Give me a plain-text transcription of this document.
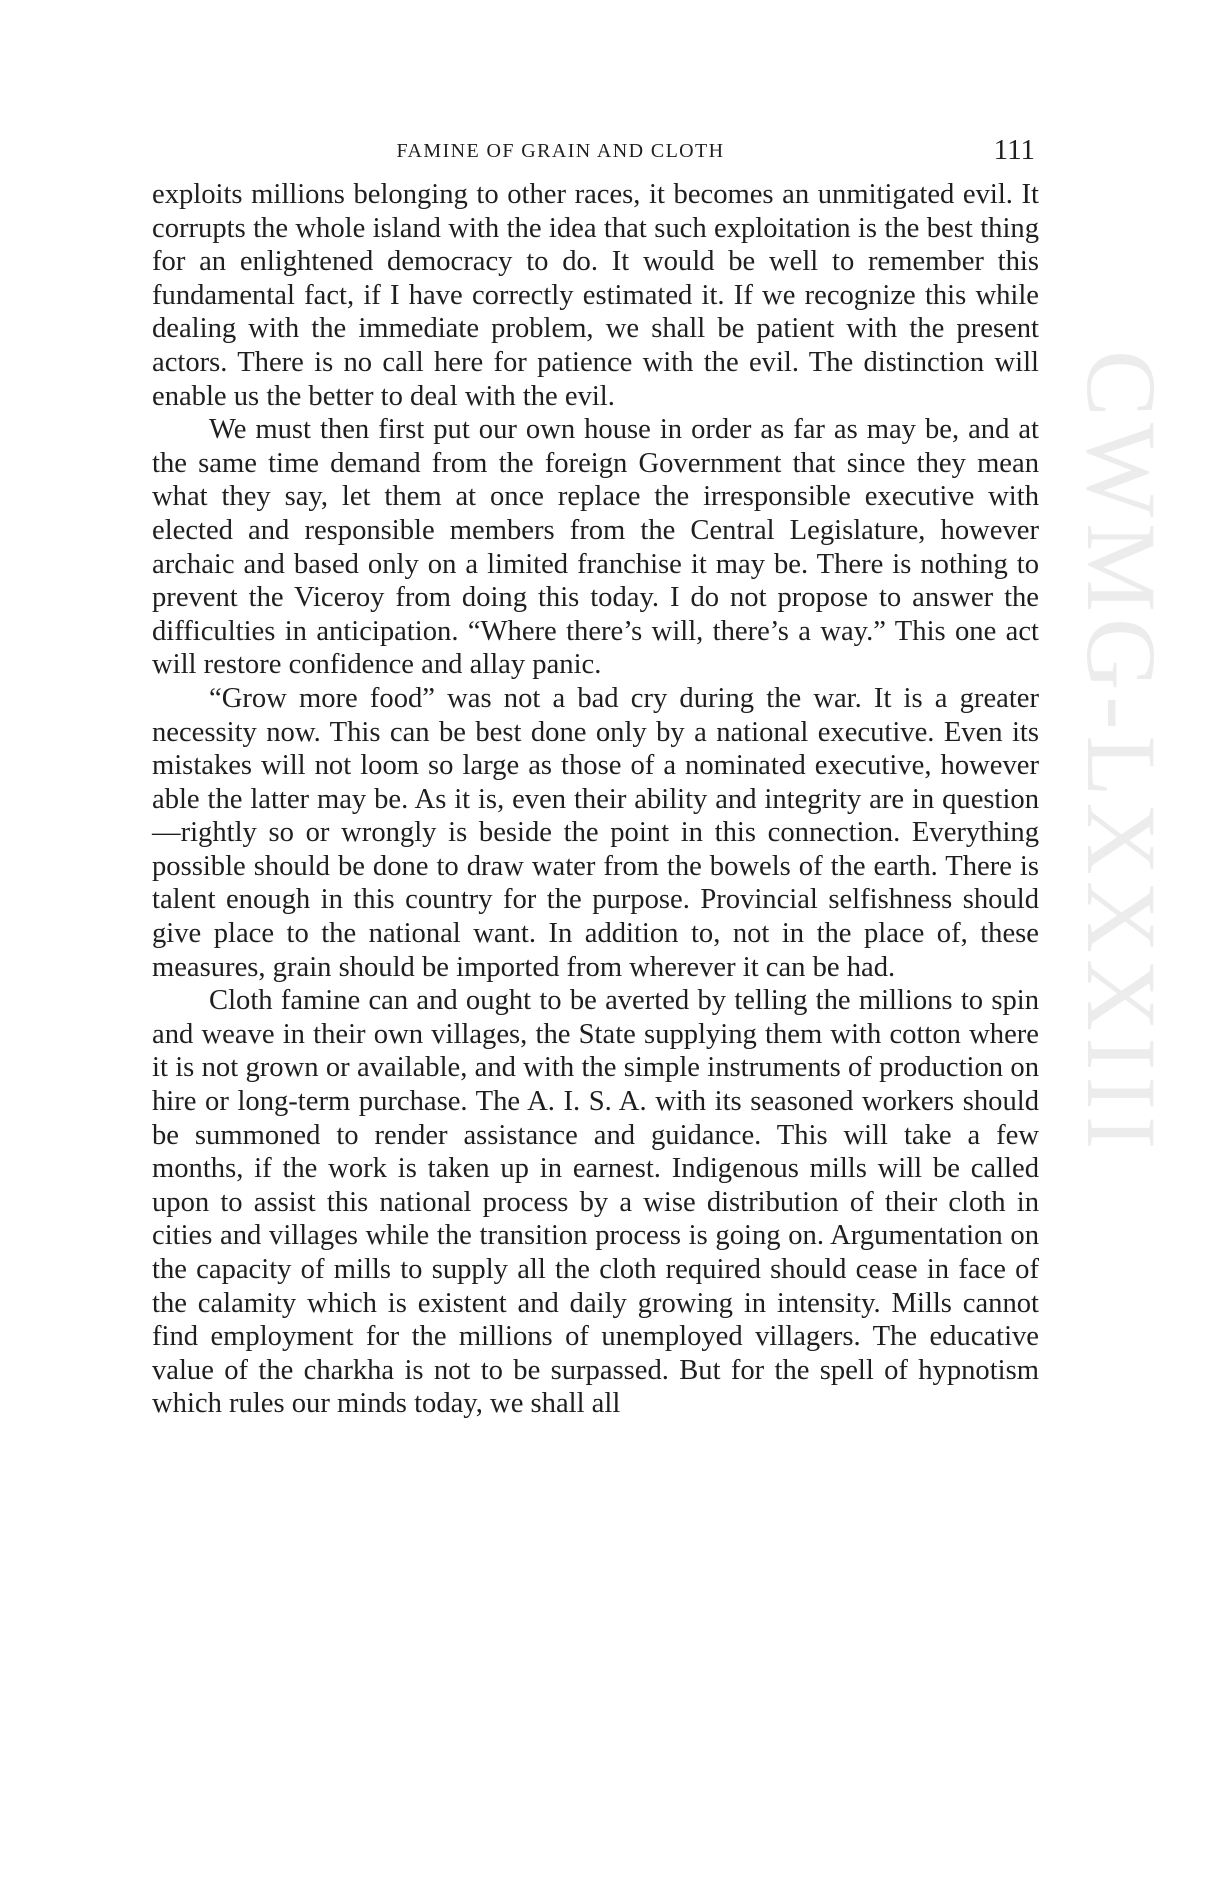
CWMG-LXXXIII
FAMINE OF GRAIN AND CLOTH	111

exploits millions belonging to other races, it becomes an unmitigated evil. It corrupts the whole island with the idea that such exploitation is the best thing for an enlightened democracy to do. It would be well to remember this fundamental fact, if I have correctly estimated it. If we recognize this while dealing with the immediate problem, we shall be patient with the present actors. There is no call here for patience with the evil. The distinction will enable us the better to deal with the evil.

We must then first put our own house in order as far as may be, and at the same time demand from the foreign Government that since they mean what they say, let them at once replace the irresponsible executive with elected and responsible members from the Central Legislature, however archaic and based only on a limited franchise it may be. There is nothing to prevent the Viceroy from doing this today. I do not propose to answer the difficulties in anticipation. “Where there’s will, there’s a way.” This one act will restore confidence and allay panic.

“Grow more food” was not a bad cry during the war. It is a greater necessity now. This can be best done only by a national executive. Even its mistakes will not loom so large as those of a nominated executive, however able the latter may be. As it is, even their ability and integrity are in question—rightly so or wrongly is beside the point in this connection. Everything possible should be done to draw water from the bowels of the earth. There is talent enough in this country for the purpose. Provincial selfishness should give place to the national want. In addition to, not in the place of, these measures, grain should be imported from wherever it can be had.

Cloth famine can and ought to be averted by telling the millions to spin and weave in their own villages, the State supplying them with cotton where it is not grown or available, and with the simple instruments of production on hire or long-term purchase. The A. I. S. A. with its seasoned workers should be summoned to render assistance and guidance. This will take a few months, if the work is taken up in earnest. Indigenous mills will be called upon to assist this national process by a wise distribution of their cloth in cities and villages while the transition process is going on. Argumentation on the capacity of mills to supply all the cloth required should cease in face of the calamity which is existent and daily growing in intensity. Mills cannot find employment for the millions of unemployed villagers. The educative value of the charkha is not to be surpassed. But for the spell of hypnotism which rules our minds today, we shall all
